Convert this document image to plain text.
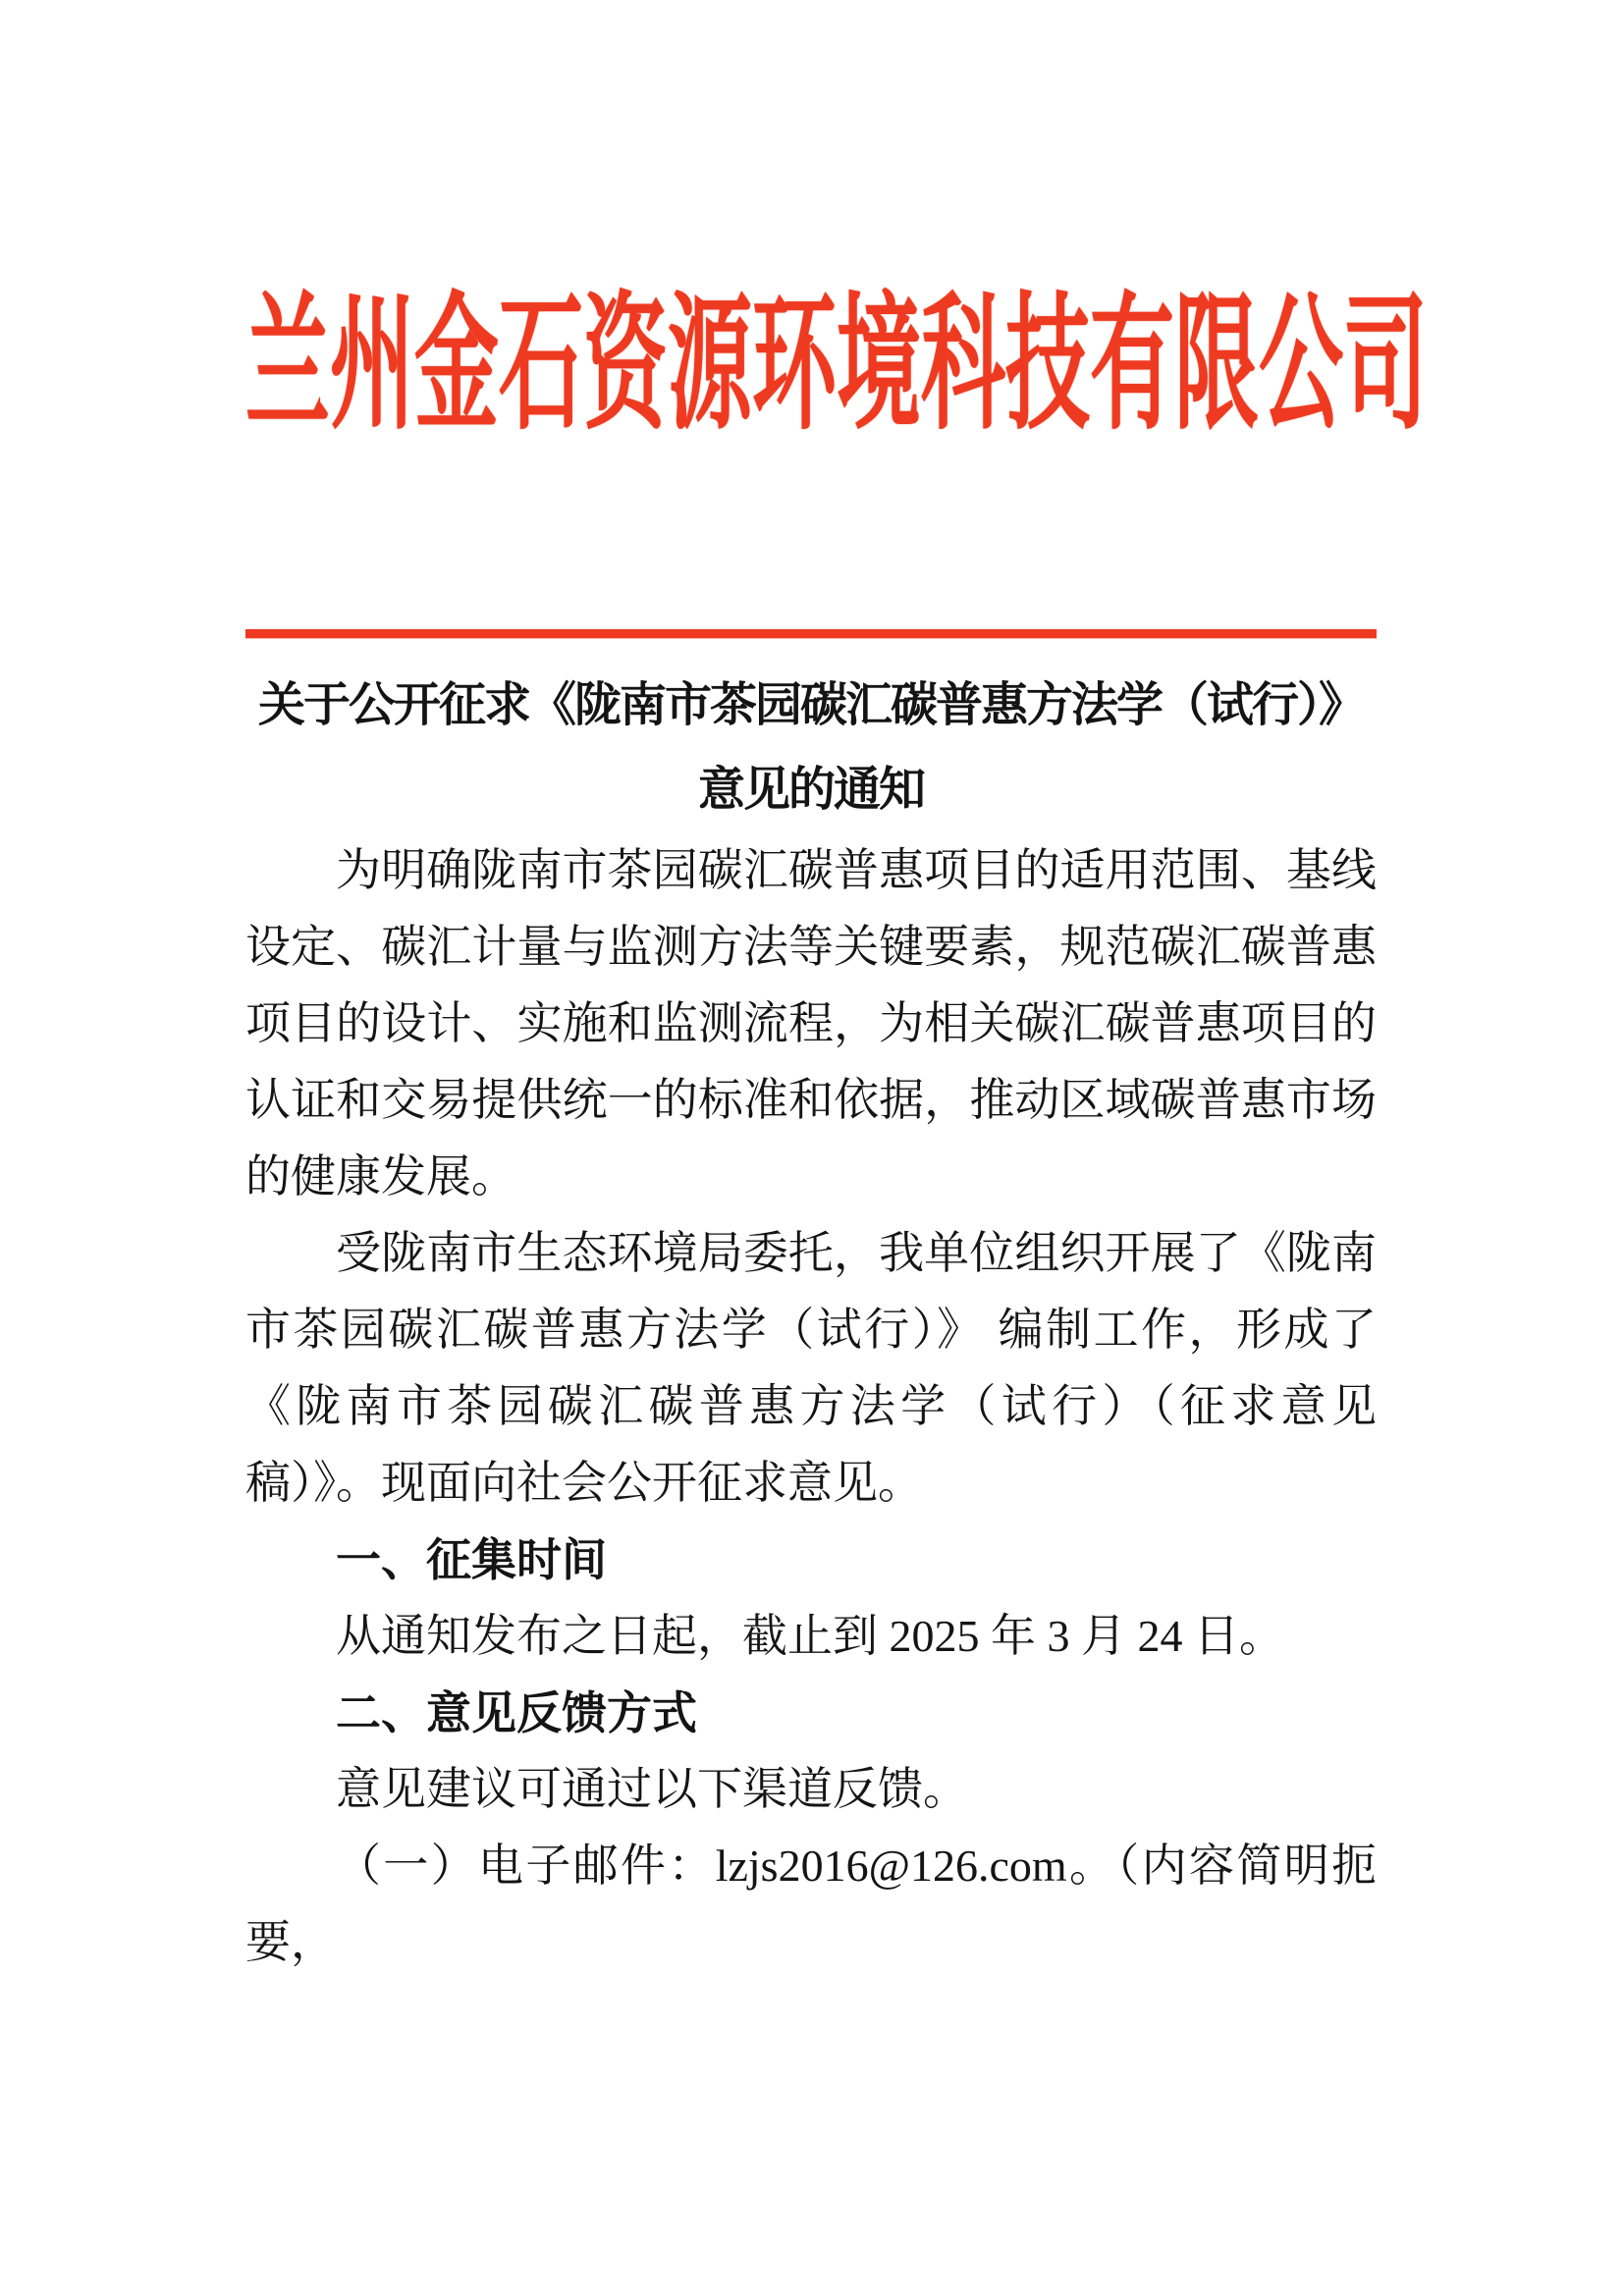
兰 州 金 石 资 源 环 境 科 技 有 限 公 司
关于公开征求《陇南市茶园碳汇碳普惠方法学（试行）》
意见的通知

为明确陇南市茶园碳汇碳普惠项目的适用范围、基线设定、碳汇计量与监测方法等关键要素，规范碳汇碳普惠项目的设计、实施和监测流程，为相关碳汇碳普惠项目的认证和交易提供统一的标准和依据，推动区域碳普惠市场的健康发展。

受陇南市生态环境局委托，我单位组织开展了《陇南市茶园碳汇碳普惠方法学（试行）》 编制工作，形成了《陇南市茶园碳汇碳普惠方法学（试行）（征求意见稿）》。现面向社会公开征求意见。

一、征集时间

从通知发布之日起，截止到 2025 年 3 月 24 日。

二、意见反馈方式

意见建议可通过以下渠道反馈。

（一）电子邮件：lzjs2016@126.com。（内容简明扼要，
